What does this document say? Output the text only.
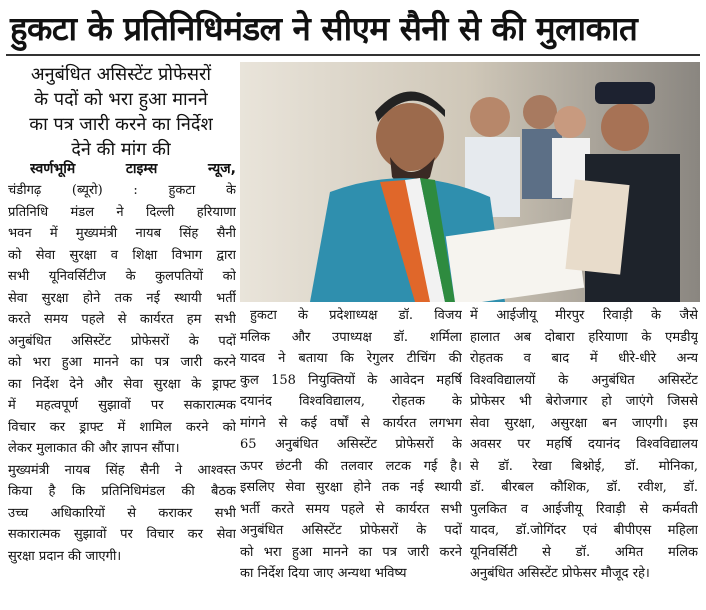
हुकटा के प्रतिनिधिमंडल ने सीएम सैनी से की मुलाकात
अनुबंधित असिस्टेंट प्रोफेसरों
के पदों को भरा हुआ मानने
का पत्र जारी करने का निर्देश
देने की मांग की
स्वर्णभूमि टाइम्स न्यूज,
चंडीगढ़ (ब्यूरो) : हुकटा के
प्रतिनिधि मंडल ने दिल्ली हरियाणा
भवन में मुख्यमंत्री नायब सिंह सैनी
को सेवा सुरक्षा व शिक्षा विभाग द्वारा
सभी यूनिवर्सिटीज के कुलपतियों को
सेवा सुरक्षा होने तक नई स्थायी भर्ती
करते समय पहले से कार्यरत हम सभी
अनुबंधित असिस्टेंट प्रोफेसरों के पदों
को भरा हुआ मानने का पत्र जारी करने
का निर्देश देने और सेवा सुरक्षा के ड्राफ्ट
में महत्वपूर्ण सुझावों पर सकारात्मक
विचार कर ड्राफ्ट में शामिल करने को
लेकर मुलाकात की और ज्ञापन सौंपा।
मुख्यमंत्री नायब सिंह सैनी ने आश्वस्त
किया है कि प्रतिनिधिमंडल की बैठक
उच्च अधिकारियों से कराकर सभी
सकारात्मक सुझावों पर विचार कर सेवा
सुरक्षा प्रदान की जाएगी।
हुकटा के प्रदेशाध्यक्ष डॉ. विजय
मलिक और उपाध्यक्ष डॉ. शर्मिला
यादव ने बताया कि रेगुलर टीचिंग की
कुल 158 नियुक्तियों के आवेदन महर्षि
दयानंद विश्वविद्यालय, रोहतक के
मांगने से कई वर्षों से कार्यरत लगभग
65 अनुबंधित असिस्टेंट प्रोफेसरों के
ऊपर छंटनी की तलवार लटक गई है।
इसलिए सेवा सुरक्षा होने तक नई स्थायी
भर्ती करते समय पहले से कार्यरत सभी
अनुबंधित असिस्टेंट प्रोफेसरों के पदों
को भरा हुआ मानने का पत्र जारी करने
का निर्देश दिया जाए अन्यथा भविष्य
में आईजीयू मीरपुर रिवाड़ी के जैसे
हालात अब दोबारा हरियाणा के एमडीयू
रोहतक व बाद में धीरे-धीरे अन्य
विश्वविद्यालयों के अनुबंधित असिस्टेंट
प्रोफेसर भी बेरोजगार हो जाएंगे जिससे
सेवा सुरक्षा, असुरक्षा बन जाएगी। इस
अवसर पर महर्षि दयानंद विश्वविद्यालय
से डॉ. रेखा बिश्नोई, डॉ. मोनिका,
डॉ. बीरबल कौशिक, डॉ. रवीश, डॉ.
पुलकित व आईजीयू रिवाड़ी से कर्मवती
यादव, डॉ.जोगिंदर एवं बीपीएस महिला
यूनिवर्सिटी से डॉ. अमित मलिक
अनुबंधित असिस्टेंट प्रोफेसर मौजूद रहे।
